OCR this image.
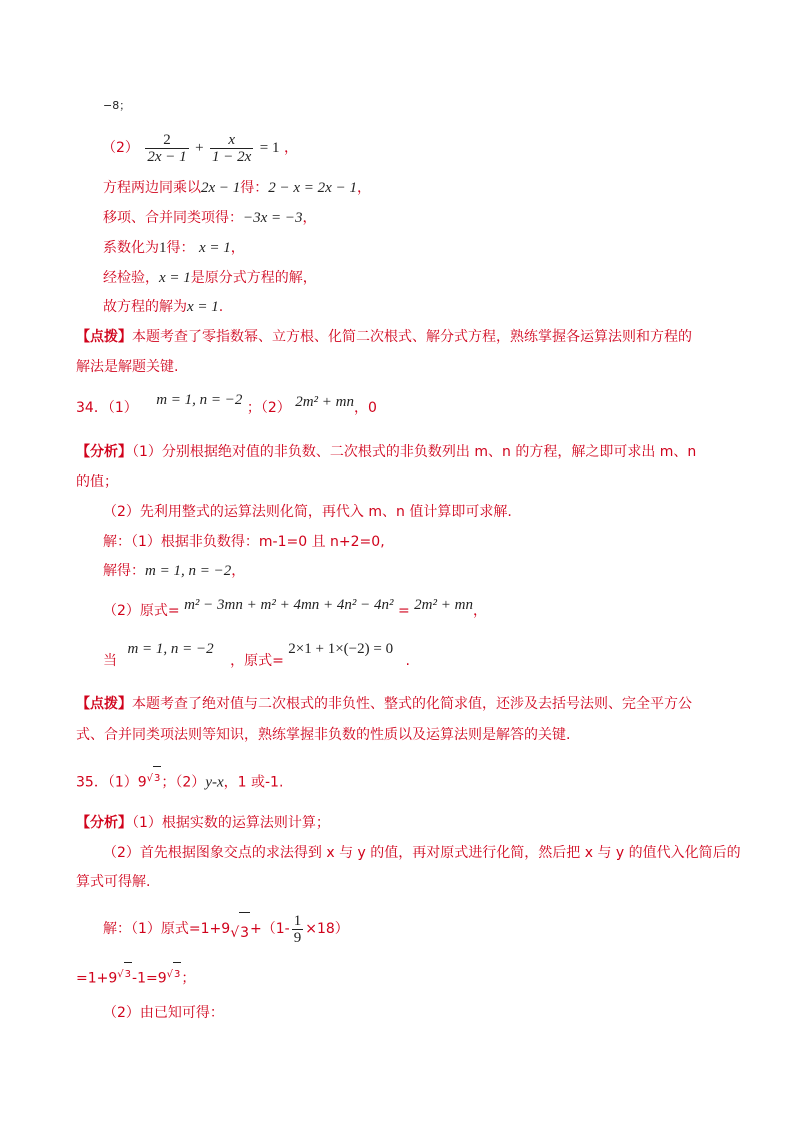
−8；
$(2) \frac{2}{2x - 1} + \frac{x}{1 - 2x} = 1$ ，
方程两边同乘以2x − 1得：2 − x = 2x − 1，
移项、合并同类项得：−3x = −3，
系数化为1得： x = 1，
经检验，x = 1是原分式方程的解，
故方程的解为x = 1.
【点拨】本题考查了零指数幂、立方根、化简二次根式、解分式方程，熟练掌握各运算法则和方程的
解法是解题关键.
34．（1） m = 1, n = −2 ；（2） 2m² + mn，0
【分析】（1）分别根据绝对值的非负数、二次根式的非负数列出 m、n 的方程，解之即可求出 m、n
的值；
（2）先利用整式的运算法则化简，再代入 m、n 值计算即可求解.
解：（1）根据非负数得：m-1=0 且 n+2=0,
解得：m = 1, n = −2，
（2）原式= m² − 3mn + m² + 4mn + 4n² − 4n² = 2m² + mn，
当 m = 1, n = −2 ，原式= 2×1 + 1×(−2) = 0 .
【点拨】本题考查了绝对值与二次根式的非负性、整式的化简求值，还涉及去括号法则、完全平方公
式、合并同类项法则等知识，熟练掌握非负数的性质以及运算法则是解答的关键.
35．$(1)9^{√3}$；（2）y-x，1 或-1.
【分析】（1）根据实数的运算法则计算；
（2）首先根据图象交点的求法得到 x 与 y 的值，再对原式进行化简，然后把 x 与 y 的值代入化简后的
算式可得解.
解：（1）原式$=1+9√3+(1- \frac{1}{9} \times 18)$
$=1+9^{√3}-1=9^{√3}$；
（2）由已知可得：
